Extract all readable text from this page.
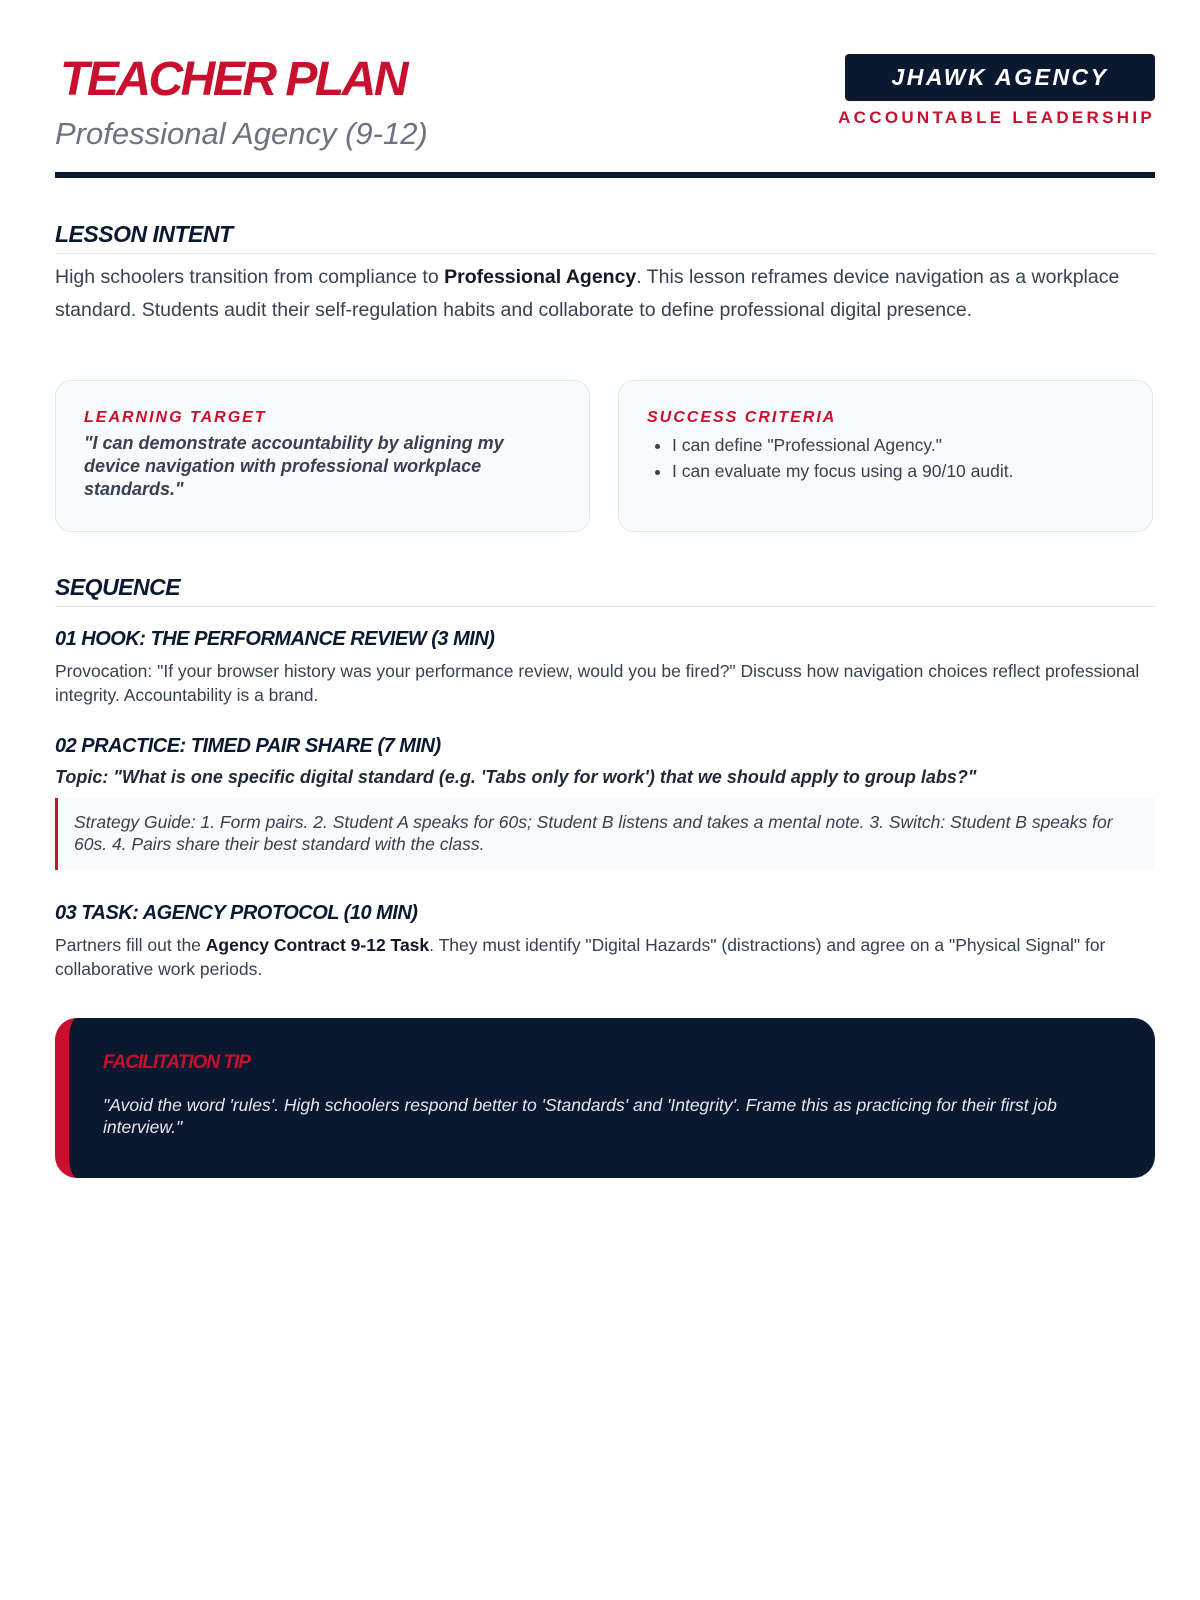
TEACHER PLAN
Professional Agency (9-12)
JHAWK AGENCY
ACCOUNTABLE LEADERSHIP
LESSON INTENT

High schoolers transition from compliance to Professional Agency. This lesson reframes device navigation as a workplace standard. Students audit their self-regulation habits and collaborate to define professional digital presence.

LEARNING TARGET
"I can demonstrate accountability by aligning my device navigation with professional workplace standards."
SUCCESS CRITERIA
• I can define "Professional Agency."
• I can evaluate my focus using a 90/10 audit.
SEQUENCE
01 HOOK: THE PERFORMANCE REVIEW (3 MIN)

Provocation: "If your browser history was your performance review, would you be fired?" Discuss how navigation choices reflect professional integrity. Accountability is a brand.

02 PRACTICE: TIMED PAIR SHARE (7 MIN)

Topic: "What is one specific digital standard (e.g. 'Tabs only for work') that we should apply to group labs?"

Strategy Guide: 1. Form pairs. 2. Student A speaks for 60s; Student B listens and takes a mental note. 3. Switch: Student B speaks for 60s. 4. Pairs share their best standard with the class.
03 TASK: AGENCY PROTOCOL (10 MIN)

Partners fill out the Agency Contract 9-12 Task. They must identify "Digital Hazards" (distractions) and agree on a "Physical Signal" for collaborative work periods.

FACILITATION TIP
"Avoid the word 'rules'. High schoolers respond better to 'Standards' and 'Integrity'. Frame this as practicing for their first job interview."
